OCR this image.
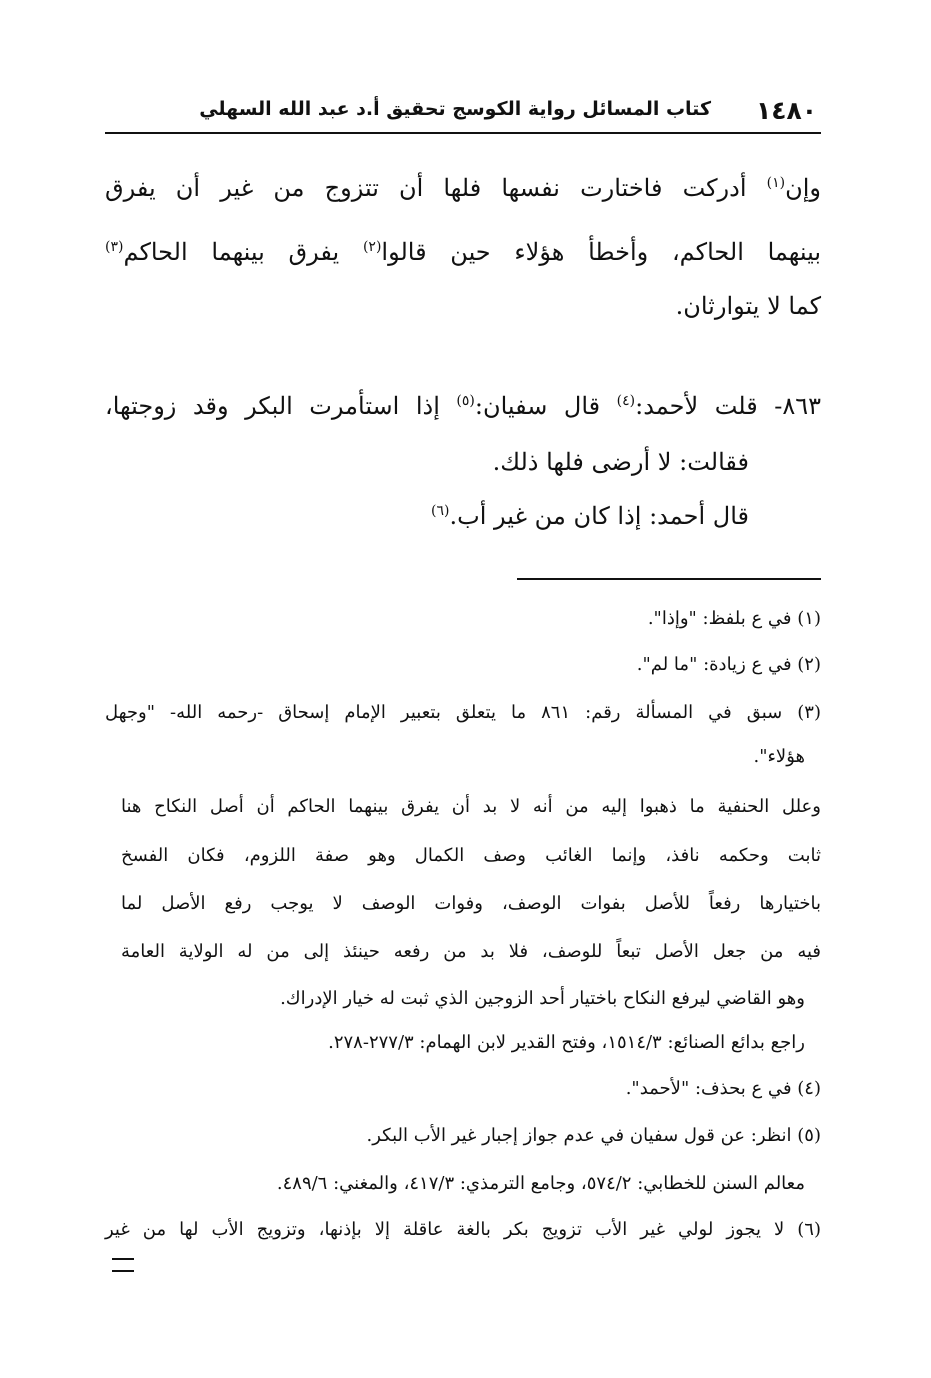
١٤٨٠
كتاب المسائل رواية الكوسج تحقيق أ.د عبد الله السهلي
وإن$^{(١)}$ أدركت فاختارت نفسها فلها أن تتزوج من غير أن يفرق
بينهما الحاكم، وأخطأ هؤلاء حين قالوا$^{(٢)}$ يفرق بينهما الحاكم$^{(٣)}$
كما لا يتوارثان.
٨٦٣- قلت لأحمد:$^{(٤)}$ قال سفيان:$^{(٥)}$ إذا استأمرت البكر وقد زوجتها،
فقالت: لا أرضى فلها ذلك.
قال أحمد: إذا كان من غير أب.$^{(٦)}$
(١) في ع بلفظ: "وإذا".
(٢) في ع زيادة: "ما لم".
(٣) سبق في المسألة رقم: ٨٦١ ما يتعلق بتعبير الإمام إسحاق -رحمه الله- "وجهل
هؤلاء".
وعلل الحنفية ما ذهبوا إليه من أنه لا بد أن يفرق بينهما الحاكم أن أصل النكاح هنا
ثابت وحكمه نافذ، وإنما الغائب وصف الكمال وهو صفة اللزوم، فكان الفسخ
باختيارها رفعاً للأصل بفوات الوصف، وفوات الوصف لا يوجب رفع الأصل لما
فيه من جعل الأصل تبعاً للوصف، فلا بد من رفعه حينئذ إلى من له الولاية العامة
وهو القاضي ليرفع النكاح باختيار أحد الزوجين الذي ثبت له خيار الإدراك.
راجع بدائع الصنائع: ١٥١٤/٣، وفتح القدير لابن الهمام: ٢٧٧/٣-٢٧٨.
(٤) في ع بحذف: "لأحمد".
(٥) انظر: عن قول سفيان في عدم جواز إجبار غير الأب البكر.
معالم السنن للخطابي: ٥٧٤/٢، وجامع الترمذي: ٤١٧/٣، والمغني: ٤٨٩/٦.
(٦) لا يجوز لولي غير الأب تزويج بكر بالغة عاقلة إلا بإذنها، وتزويج الأب لها من غير
